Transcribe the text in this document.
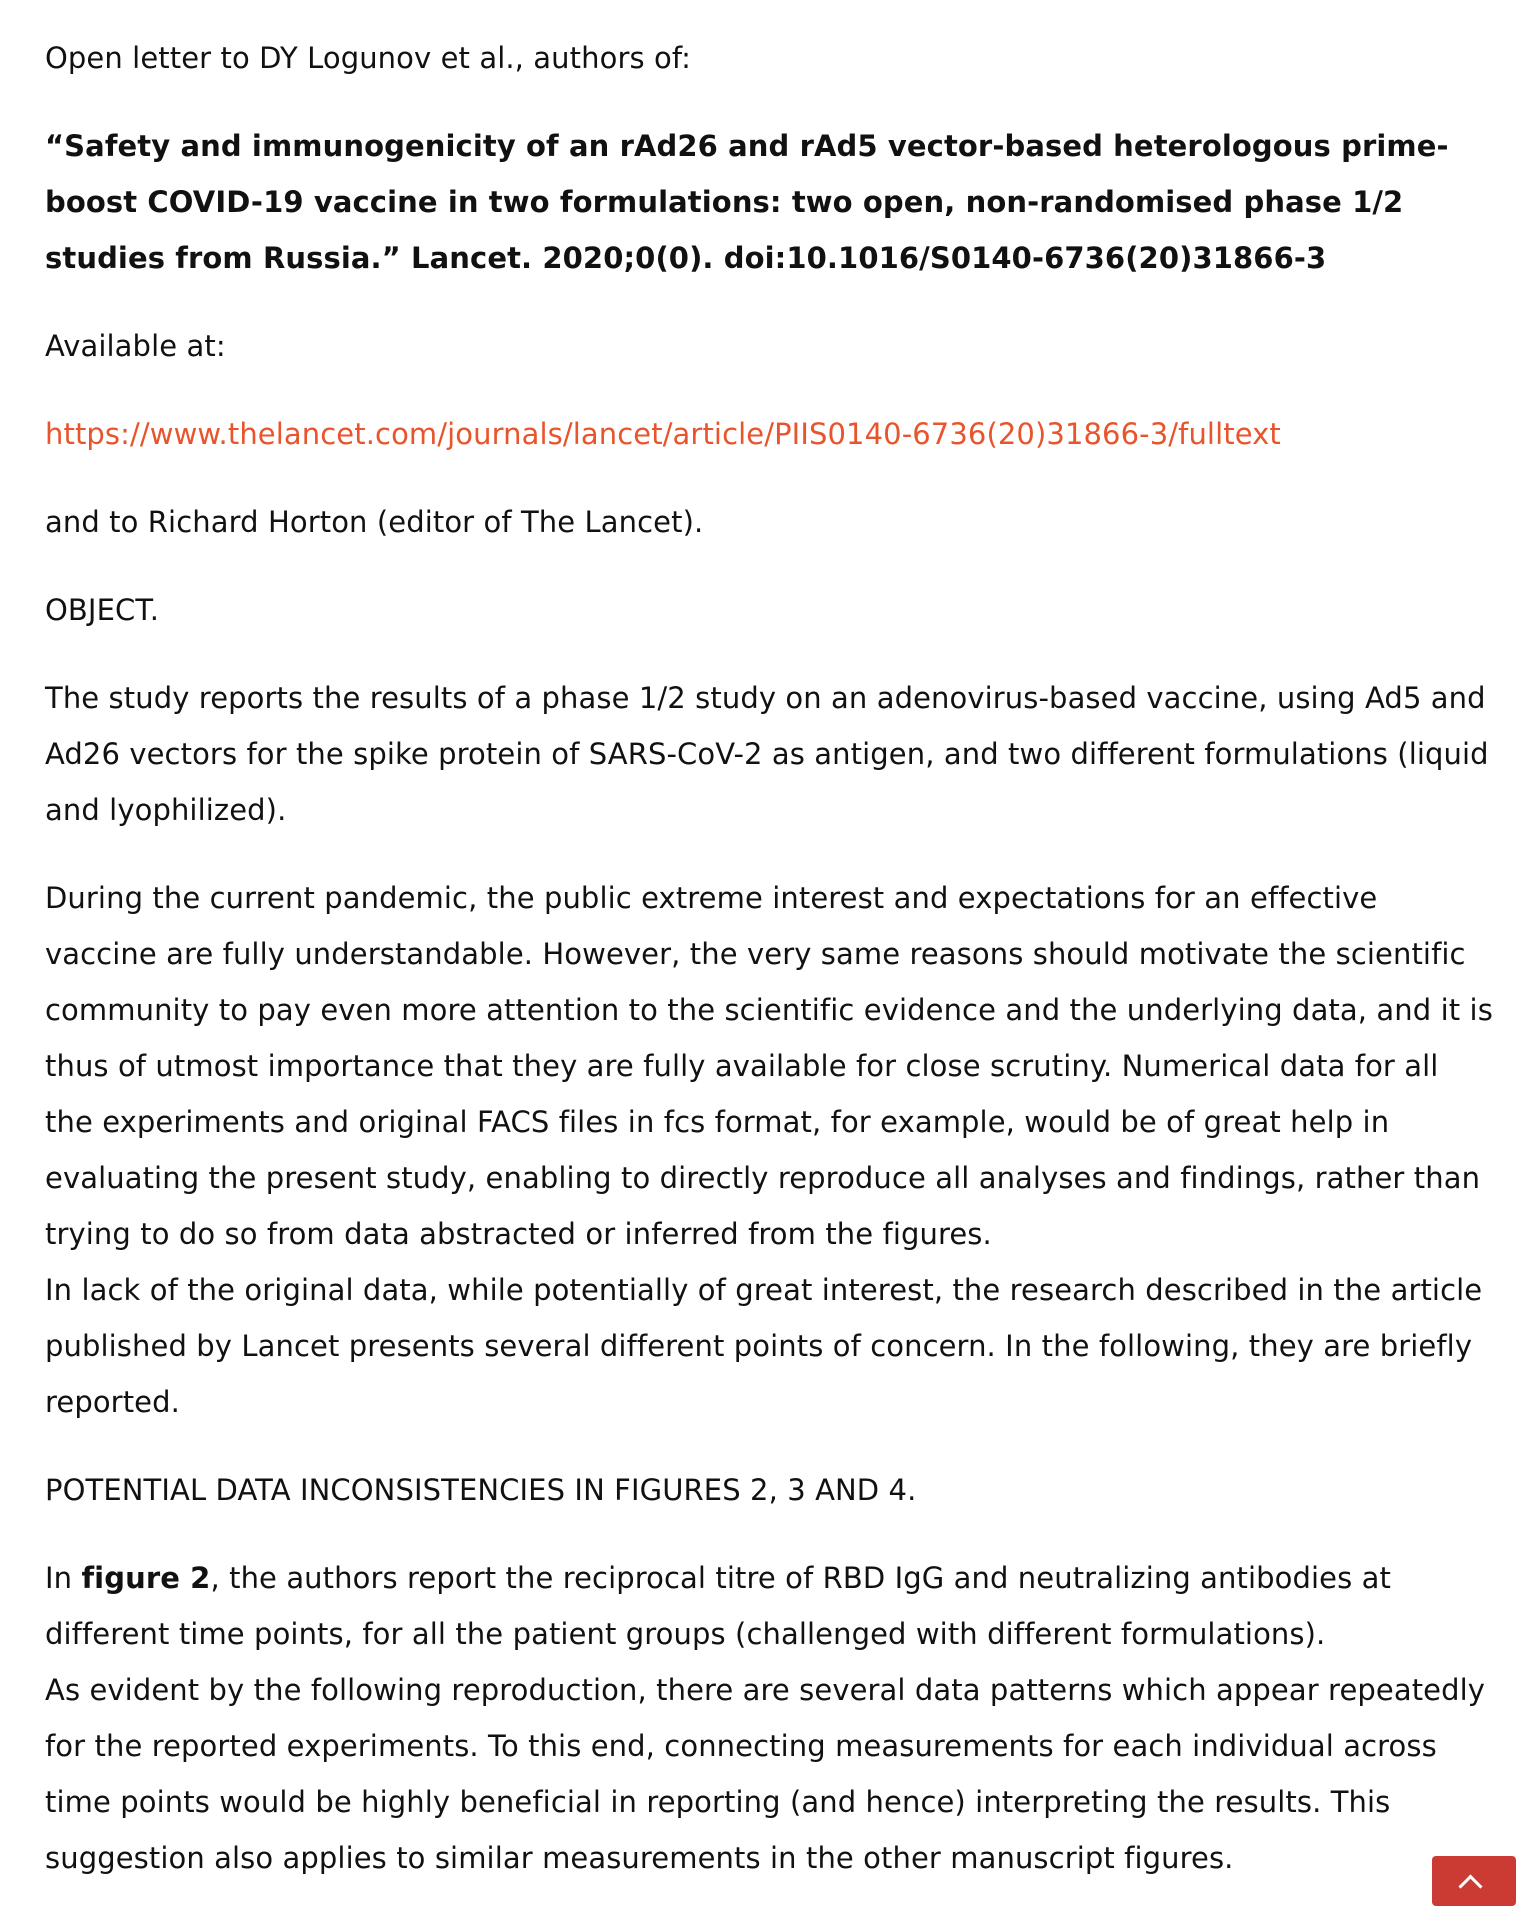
Open letter to DY Logunov et al., authors of:

“Safety and immunogenicity of an rAd26 and rAd5 vector-based heterologous prime-boost COVID-19 vaccine in two formulations: two open, non-randomised phase 1/2 studies from Russia.” Lancet. 2020;0(0). doi:10.1016/S0140-6736(20)31866-3

Available at:

https://www.thelancet.com/journals/lancet/article/PIIS0140-6736(20)31866-3/fulltext

and to Richard Horton (editor of The Lancet).

OBJECT.

The study reports the results of a phase 1/2 study on an adenovirus-based vaccine, using Ad5 and Ad26 vectors for the spike protein of SARS-CoV-2 as antigen, and two different formulations (liquid and lyophilized).

During the current pandemic, the public extreme interest and expectations for an effective vaccine are fully understandable. However, the very same reasons should motivate the scientific community to pay even more attention to the scientific evidence and the underlying data, and it is thus of utmost importance that they are fully available for close scrutiny. Numerical data for all the experiments and original FACS files in fcs format, for example, would be of great help in evaluating the present study, enabling to directly reproduce all analyses and findings, rather than trying to do so from data abstracted or inferred from the figures.

In lack of the original data, while potentially of great interest, the research described in the article published by Lancet presents several different points of concern. In the following, they are briefly reported.

POTENTIAL DATA INCONSISTENCIES IN FIGURES 2, 3 AND 4.

In figure 2, the authors report the reciprocal titre of RBD IgG and neutralizing antibodies at different time points, for all the patient groups (challenged with different formulations).

As evident by the following reproduction, there are several data patterns which appear repeatedly for the reported experiments. To this end, connecting measurements for each individual across time points would be highly beneficial in reporting (and hence) interpreting the results. This suggestion also applies to similar measurements in the other manuscript figures.
